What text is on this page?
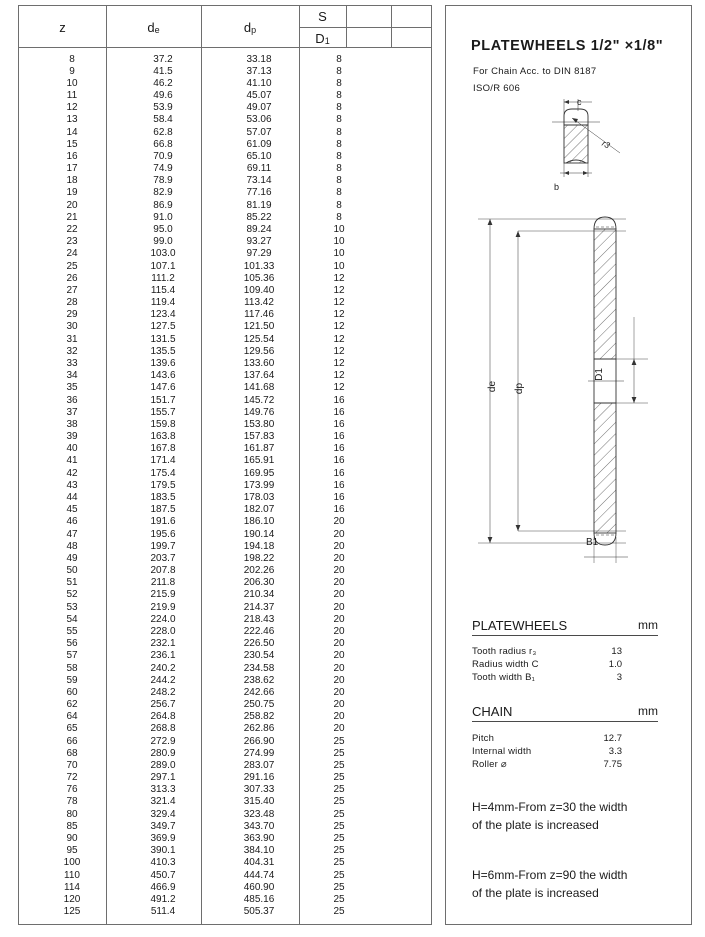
z	$d_e$	$d_p$
S
$D_1$
8	37.2	33.18	8
9	41.5	37.13	8
10	46.2	41.10	8
11	49.6	45.07	8
12	53.9	49.07	8
13	58.4	53.06	8
14	62.8	57.07	8
15	66.8	61.09	8
16	70.9	65.10	8
17	74.9	69.11	8
18	78.9	73.14	8
19	82.9	77.16	8
20	86.9	81.19	8
21	91.0	85.22	8
22	95.0	89.24	10
23	99.0	93.27	10
24	103.0	97.29	10
25	107.1	101.33	10
26	111.2	105.36	12
27	115.4	109.40	12
28	119.4	113.42	12
29	123.4	117.46	12
30	127.5	121.50	12
31	131.5	125.54	12
32	135.5	129.56	12
33	139.6	133.60	12
34	143.6	137.64	12
35	147.6	141.68	12
36	151.7	145.72	16
37	155.7	149.76	16
38	159.8	153.80	16
39	163.8	157.83	16
40	167.8	161.87	16
41	171.4	165.91	16
42	175.4	169.95	16
43	179.5	173.99	16
44	183.5	178.03	16
45	187.5	182.07	16
46	191.6	186.10	20
47	195.6	190.14	20
48	199.7	194.18	20
49	203.7	198.22	20
50	207.8	202.26	20
51	211.8	206.30	20
52	215.9	210.34	20
53	219.9	214.37	20
54	224.0	218.43	20
55	228.0	222.46	20
56	232.1	226.50	20
57	236.1	230.54	20
58	240.2	234.58	20
59	244.2	238.62	20
60	248.2	242.66	20
62	256.7	250.75	20
64	264.8	258.82	20
65	268.8	262.86	20
66	272.9	266.90	25
68	280.9	274.99	25
70	289.0	283.07	25
72	297.1	291.16	25
76	313.3	307.33	25
78	321.4	315.40	25
80	329.4	323.48	25
85	349.7	343.70	25
90	369.9	363.90	25
95	390.1	384.10	25
100	410.3	404.31	25
110	450.7	444.74	25
114	466.9	460.90	25
120	491.2	485.16	25
125	511.4	505.37	25
PLATEWHEELS 1/2" ×1/8"
For Chain Acc. to DIN 8187
ISO/R 606
c
r3
b
de dp
D1
B1
PLATEWHEELS	mm
Tooth radius r₃	13
Radius width C	1.0
Tooth width B₁	3
CHAIN	mm
Pitch	12.7
Internal width	3.3
Roller ⌀	7.75
H=4mm-From z=30 the width
of the plate is increased
H=6mm-From z=90 the width
of the plate is increased
